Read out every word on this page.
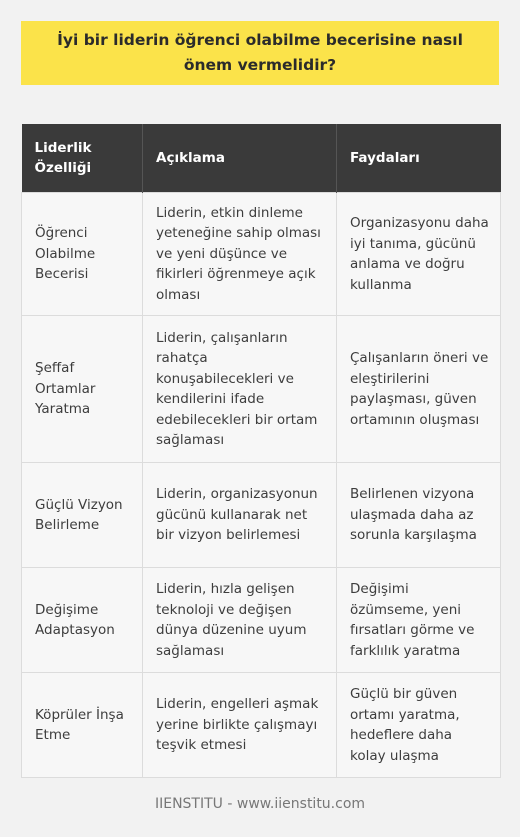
İyi bir liderin öğrenci olabilme becerisine nasıl önem vermelidir?
Liderlik Özelliği	Açıklama	Faydaları
Öğrenci Olabilme Becerisi	Liderin, etkin dinleme yeteneğine sahip olması ve yeni düşünce ve fikirleri öğrenmeye açık olması	Organizasyonu daha iyi tanıma, gücünü anlama ve doğru kullanma
Şeffaf Ortamlar Yaratma	Liderin, çalışanların rahatça konuşabilecekleri ve kendilerini ifade edebilecekleri bir ortam sağlaması	Çalışanların öneri ve eleştirilerini paylaşması, güven ortamının oluşması
Güçlü Vizyon Belirleme	Liderin, organizasyonun gücünü kullanarak net bir vizyon belirlemesi	Belirlenen vizyona ulaşmada daha az sorunla karşılaşma
Değişime Adaptasyon	Liderin, hızla gelişen teknoloji ve değişen dünya düzenine uyum sağlaması	Değişimi özümseme, yeni fırsatları görme ve farklılık yaratma
Köprüler İnşa Etme	Liderin, engelleri aşmak yerine birlikte çalışmayı teşvik etmesi	Güçlü bir güven ortamı yaratma, hedeflere daha kolay ulaşma
IIENSTITU - www.iienstitu.com
